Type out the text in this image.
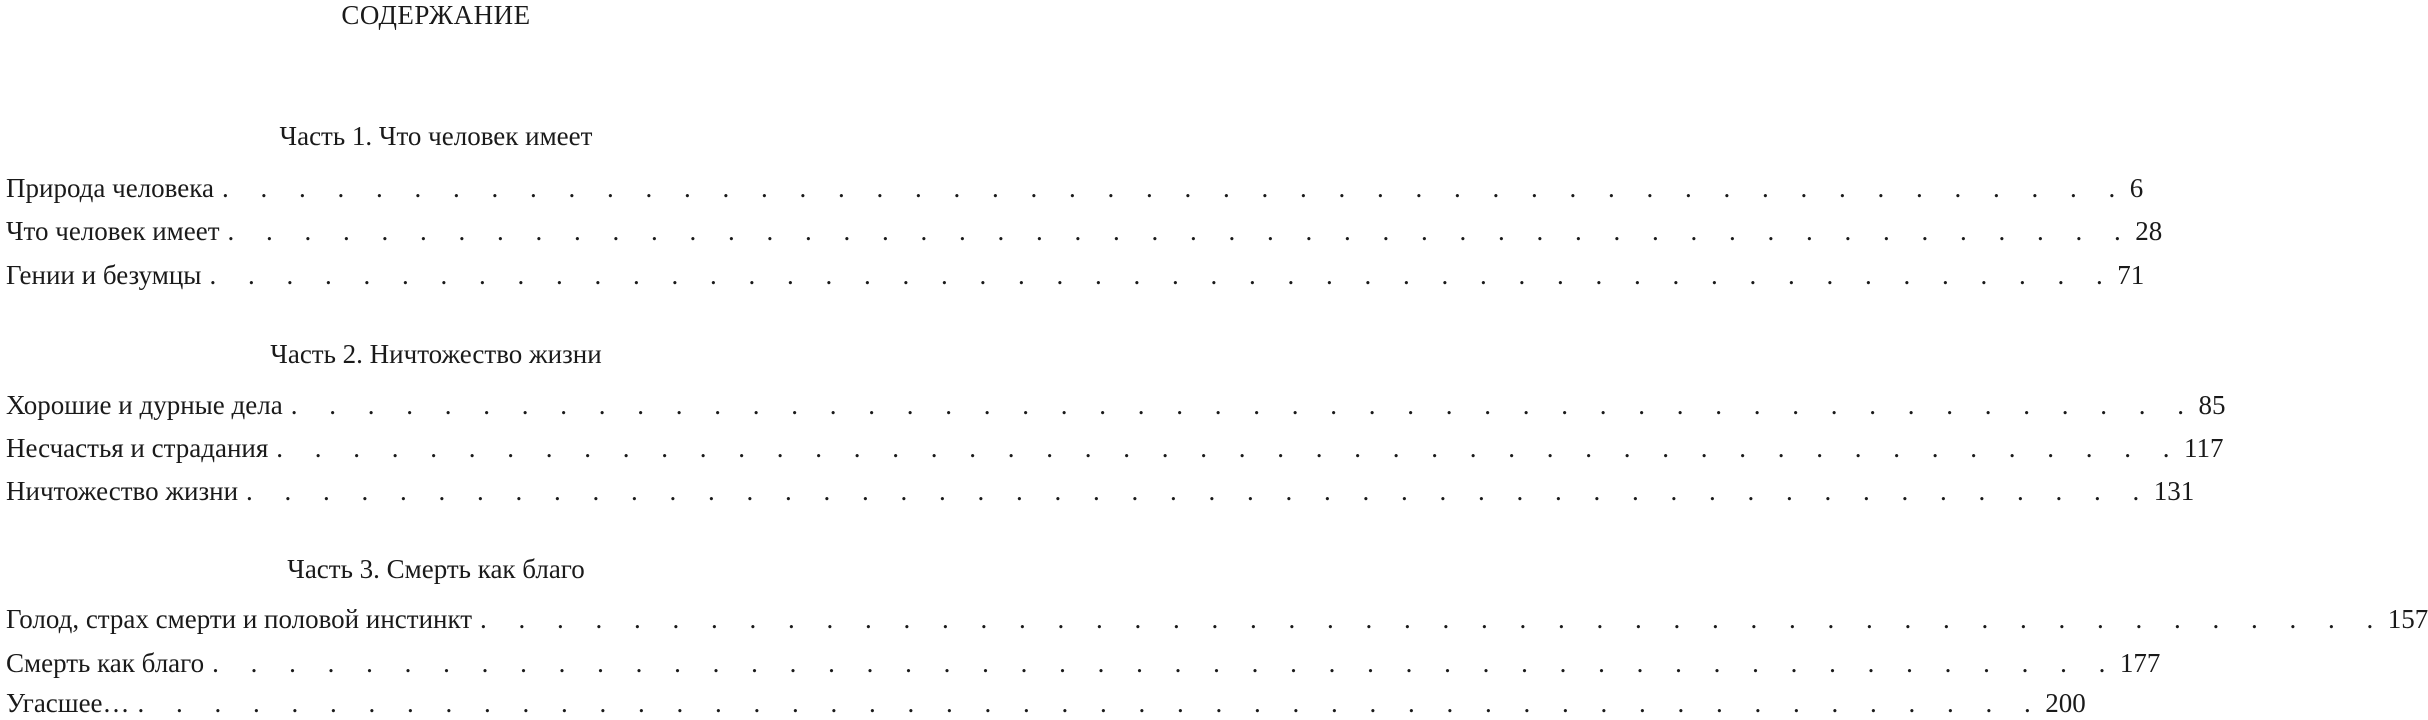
СОДЕРЖАНИЕ
Часть 1. Что человек имеет
Природа человека . . . . . . . . . . . . . . . . . . . . . . . . . . . . . . . . . . . . . . . . . . . . . . . . . . 6
Что человек имеет . . . . . . . . . . . . . . . . . . . . . . . . . . . . . . . . . . . . . . . . . . . . . . . . . . 28
Гении и безумцы . . . . . . . . . . . . . . . . . . . . . . . . . . . . . . . . . . . . . . . . . . . . . . . . . . 71
Часть 2. Ничтожество жизни
Хорошие и дурные дела . . . . . . . . . . . . . . . . . . . . . . . . . . . . . . . . . . . . . . . . . . . . . . . . . . 85
Несчастья и страдания . . . . . . . . . . . . . . . . . . . . . . . . . . . . . . . . . . . . . . . . . . . . . . . . . . 117
Ничтожество жизни . . . . . . . . . . . . . . . . . . . . . . . . . . . . . . . . . . . . . . . . . . . . . . . . . . 131
Часть 3. Смерть как благо
Голод, страх смерти и половой инстинкт . . . . . . . . . . . . . . . . . . . . . . . . . . . . . . . . . . . . . . . . . . . . . . . . . . 157
Смерть как благо . . . . . . . . . . . . . . . . . . . . . . . . . . . . . . . . . . . . . . . . . . . . . . . . . . 177
Угасшее… . . . . . . . . . . . . . . . . . . . . . . . . . . . . . . . . . . . . . . . . . . . . . . . . . . 200
